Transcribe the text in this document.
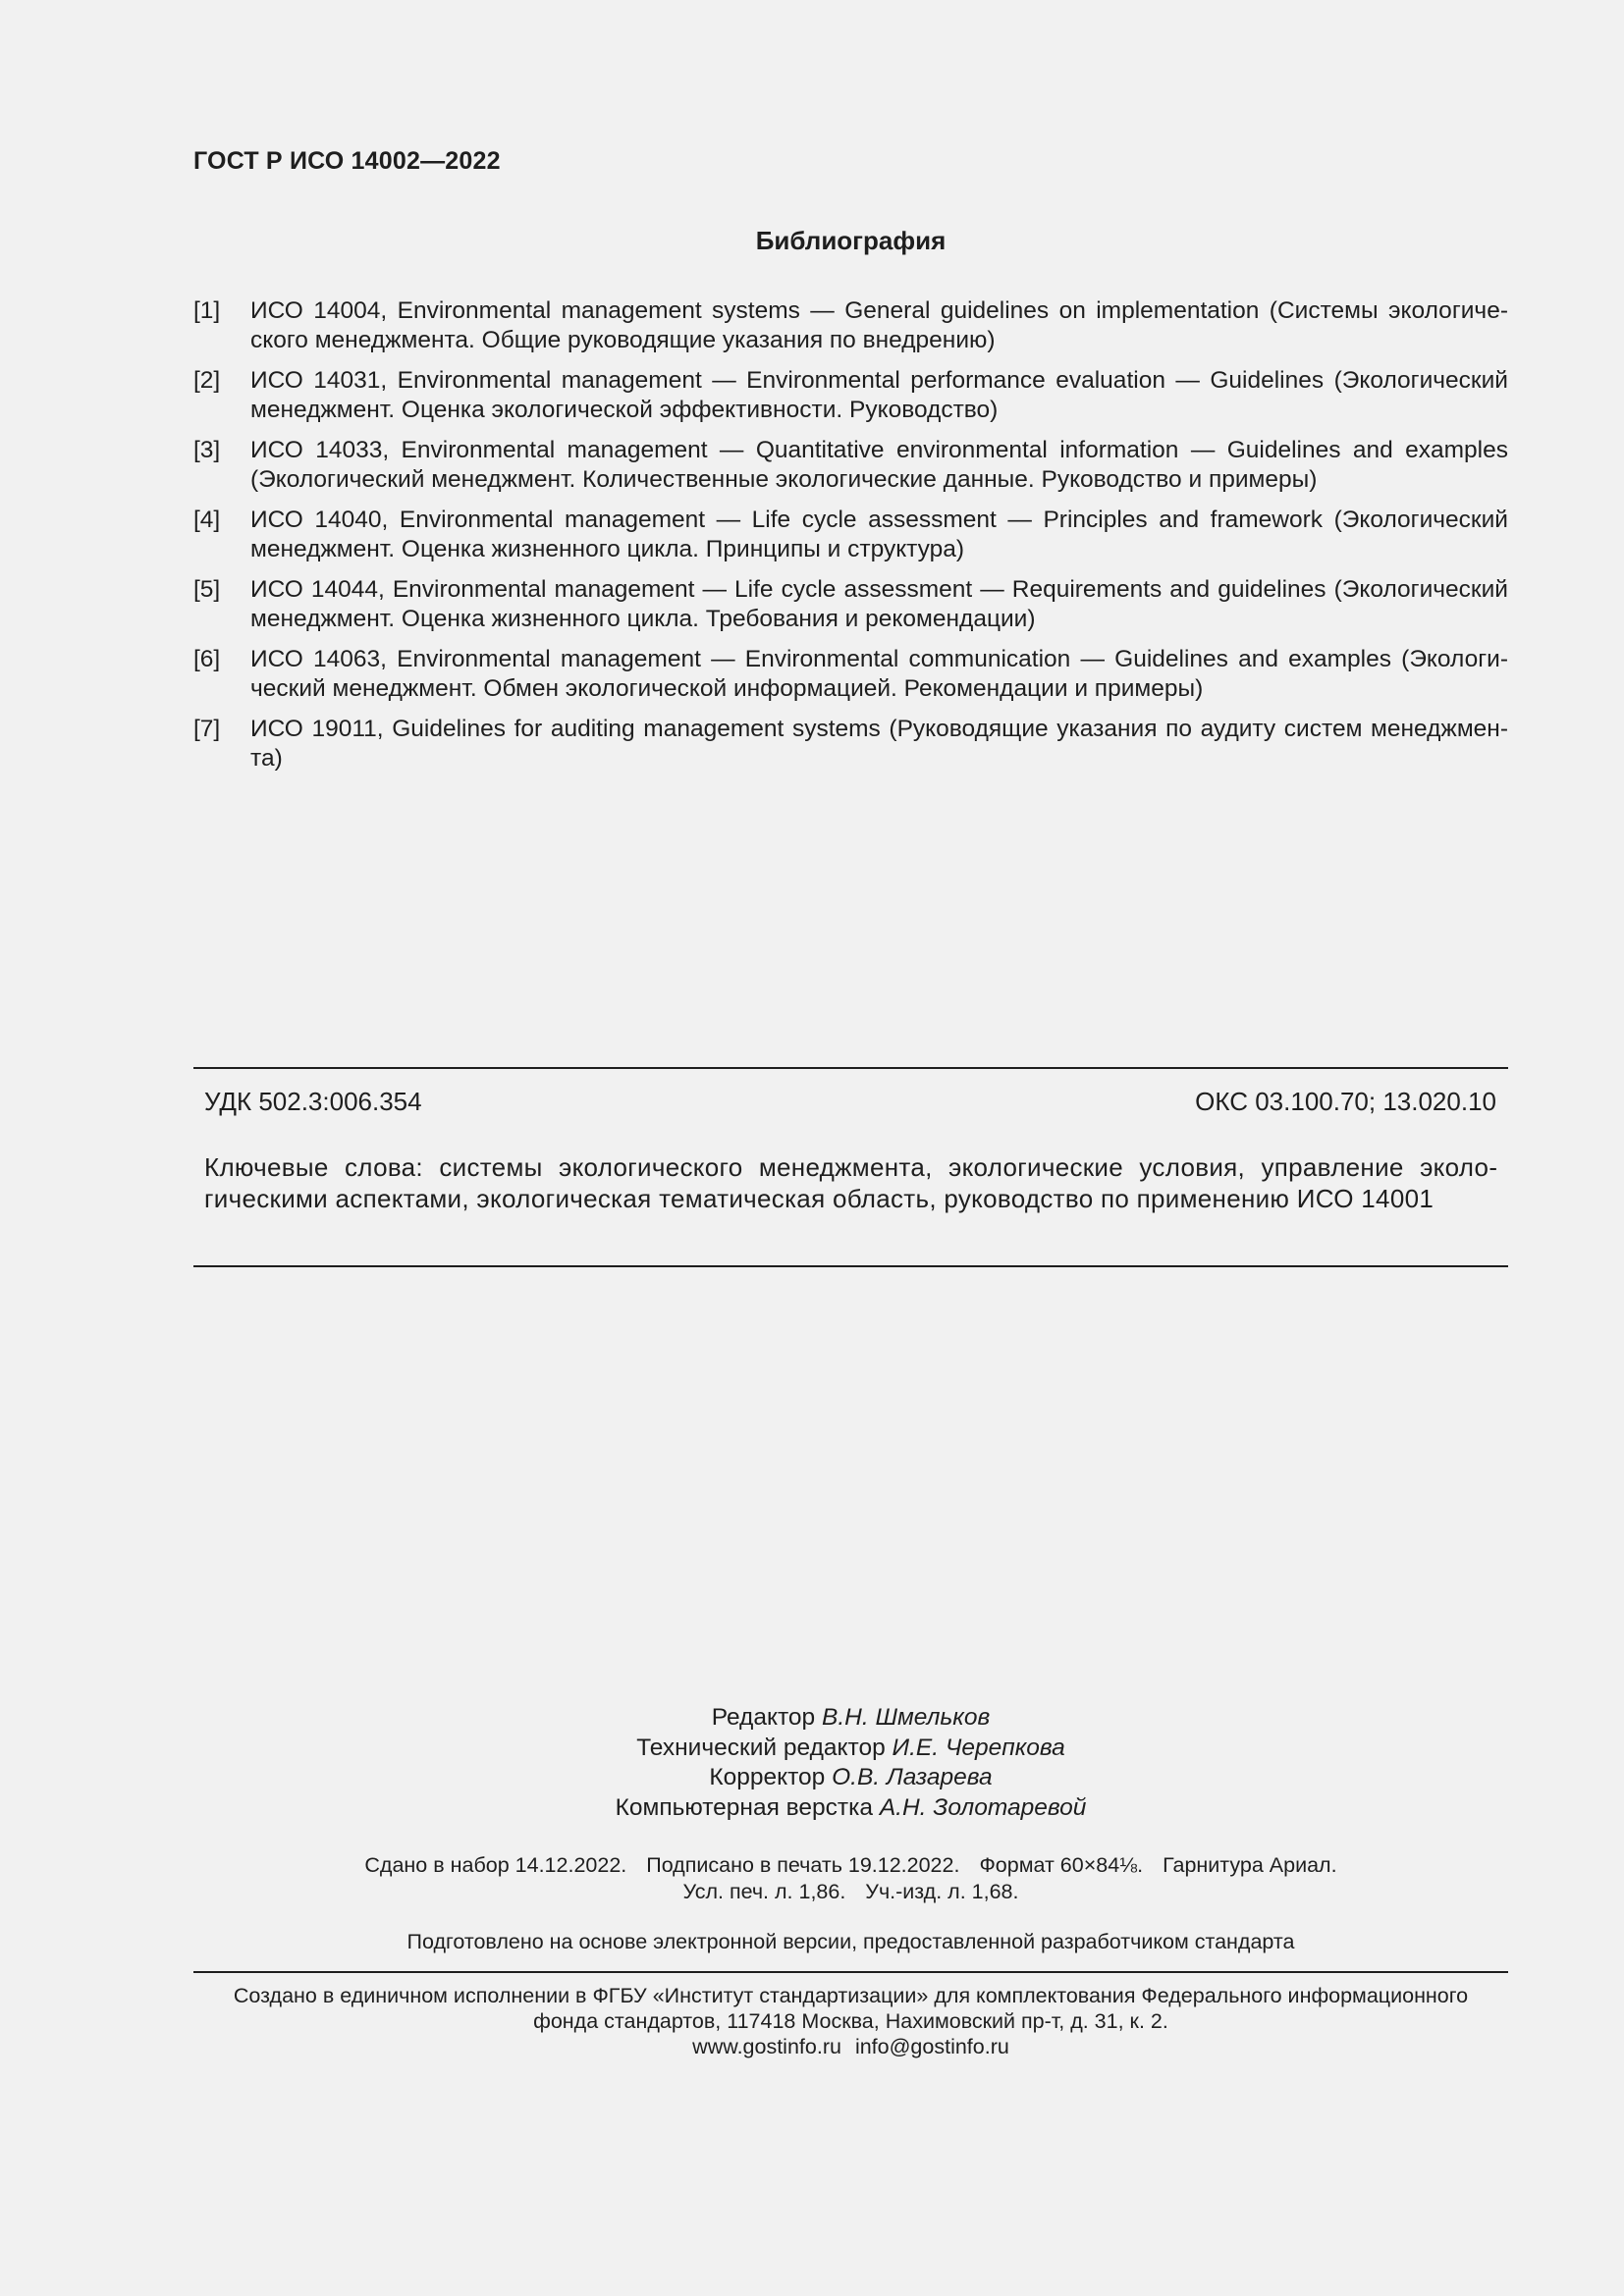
ГОСТ Р ИСО 14002—2022
Библиография
[1] ИСО 14004, Environmental management systems — General guidelines on implementation (Системы экологического менеджмента. Общие руководящие указания по внедрению)
[2] ИСО 14031, Environmental management — Environmental performance evaluation — Guidelines (Экологический менеджмент. Оценка экологической эффективности. Руководство)
[3] ИСО 14033, Environmental management — Quantitative environmental information — Guidelines and examples (Экологический менеджмент. Количественные экологические данные. Руководство и примеры)
[4] ИСО 14040, Environmental management — Life cycle assessment — Principles and framework (Экологический менеджмент. Оценка жизненного цикла. Принципы и структура)
[5] ИСО 14044, Environmental management — Life cycle assessment — Requirements and guidelines (Экологический менеджмент. Оценка жизненного цикла. Требования и рекомендации)
[6] ИСО 14063, Environmental management — Environmental communication — Guidelines and examples (Экологический менеджмент. Обмен экологической информацией. Рекомендации и примеры)
[7] ИСО 19011, Guidelines for auditing management systems (Руководящие указания по аудиту систем менеджмента)
УДК 502.3:006.354	ОКС 03.100.70; 13.020.10
Ключевые слова: системы экологического менеджмента, экологические условия, управление экологическими аспектами, экологическая тематическая область, руководство по применению ИСО 14001
Редактор В.Н. Шмельков
Технический редактор И.Е. Черепкова
Корректор О.В. Лазарева
Компьютерная верстка А.Н. Золотаревой
Сдано в набор 14.12.2022. Подписано в печать 19.12.2022. Формат 60×84⅛. Гарнитура Ариал.
Усл. печ. л. 1,86. Уч.-изд. л. 1,68.
Подготовлено на основе электронной версии, предоставленной разработчиком стандарта
Создано в единичном исполнении в ФГБУ «Институт стандартизации» для комплектования Федерального информационного
фонда стандартов, 117418 Москва, Нахимовский пр-т, д. 31, к. 2.
www.gostinfo.ru info@gostinfo.ru
